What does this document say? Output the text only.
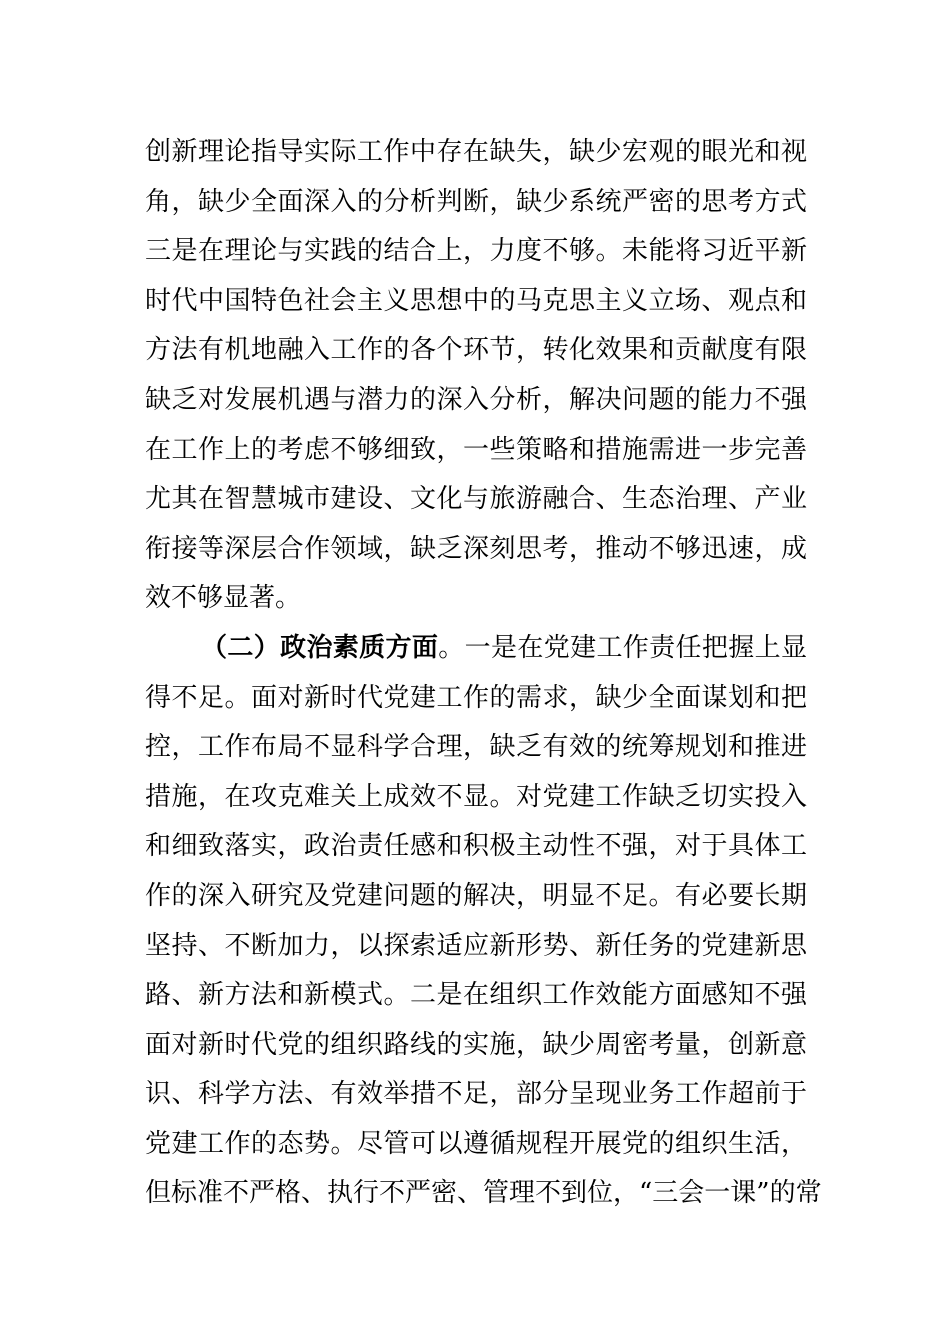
创新理论指导实际工作中存在缺失，缺少宏观的眼光和视
角，缺少全面深入的分析判断，缺少系统严密的思考方式
三是在理论与实践的结合上，力度不够。未能将习近平新
时代中国特色社会主义思想中的马克思主义立场、观点和
方法有机地融入工作的各个环节，转化效果和贡献度有限
缺乏对发展机遇与潜力的深入分析，解决问题的能力不强
在工作上的考虑不够细致，一些策略和措施需进一步完善
尤其在智慧城市建设、文化与旅游融合、生态治理、产业
衔接等深层合作领域，缺乏深刻思考，推动不够迅速，成
效不够显著。
（二）政治素质方面。一是在党建工作责任把握上显
得不足。面对新时代党建工作的需求，缺少全面谋划和把
控，工作布局不显科学合理，缺乏有效的统筹规划和推进
措施，在攻克难关上成效不显。对党建工作缺乏切实投入
和细致落实，政治责任感和积极主动性不强，对于具体工
作的深入研究及党建问题的解决，明显不足。有必要长期
坚持、不断加力，以探索适应新形势、新任务的党建新思
路、新方法和新模式。二是在组织工作效能方面感知不强
面对新时代党的组织路线的实施，缺少周密考量，创新意
识、科学方法、有效举措不足，部分呈现业务工作超前于
党建工作的态势。尽管可以遵循规程开展党的组织生活，
但标准不严格、执行不严密、管理不到位，“三会一课”的常
